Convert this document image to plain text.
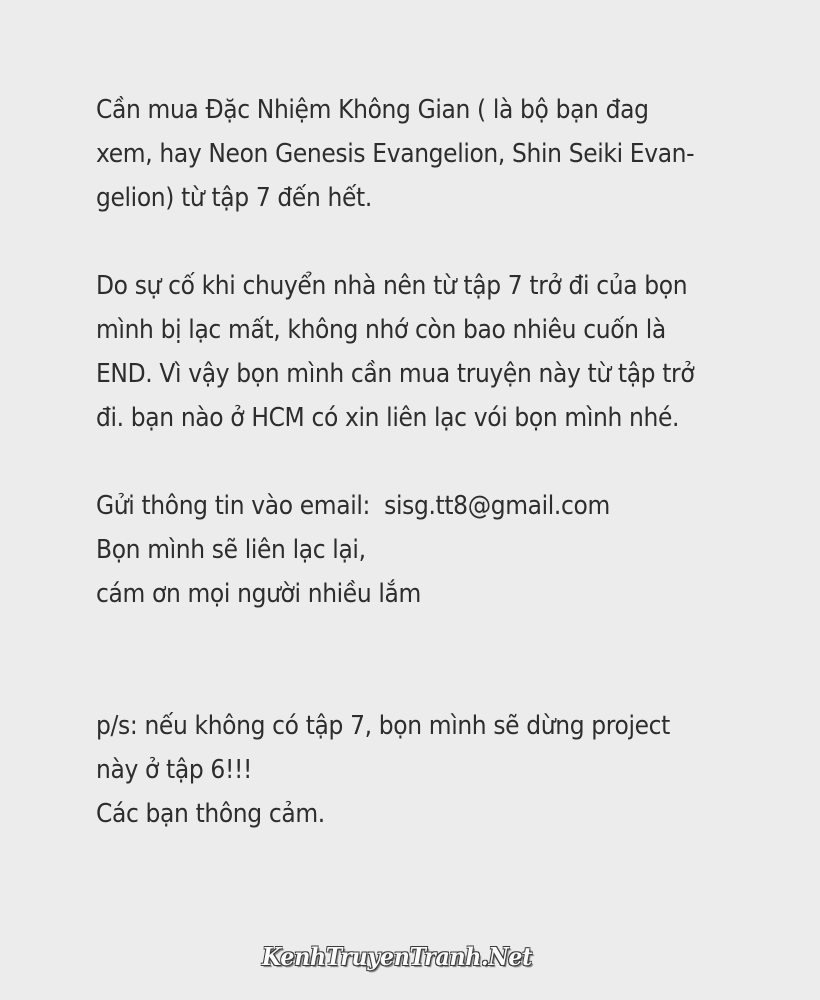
Cần mua Đặc Nhiệm Không Gian ( là bộ bạn đag
xem, hay Neon Genesis Evangelion, Shin Seiki Evan-
gelion) từ tập 7 đến hết.

Do sự cố khi chuyển nhà nên từ tập 7 trở đi của bọn
mình bị lạc mất, không nhớ còn bao nhiêu cuốn là
END. Vì vậy bọn mình cần mua truyện này từ tập trở
đi. bạn nào ở HCM có xin liên lạc vói bọn mình nhé.

Gửi thông tin vào email:  sisg.tt8@gmail.com
Bọn mình sẽ liên lạc lại,
cám ơn mọi người nhiều lắm

p/s: nếu không có tập 7, bọn mình sẽ dừng project
này ở tập 6!!!
Các bạn thông cảm.
KenhTruyenTranh.Net
